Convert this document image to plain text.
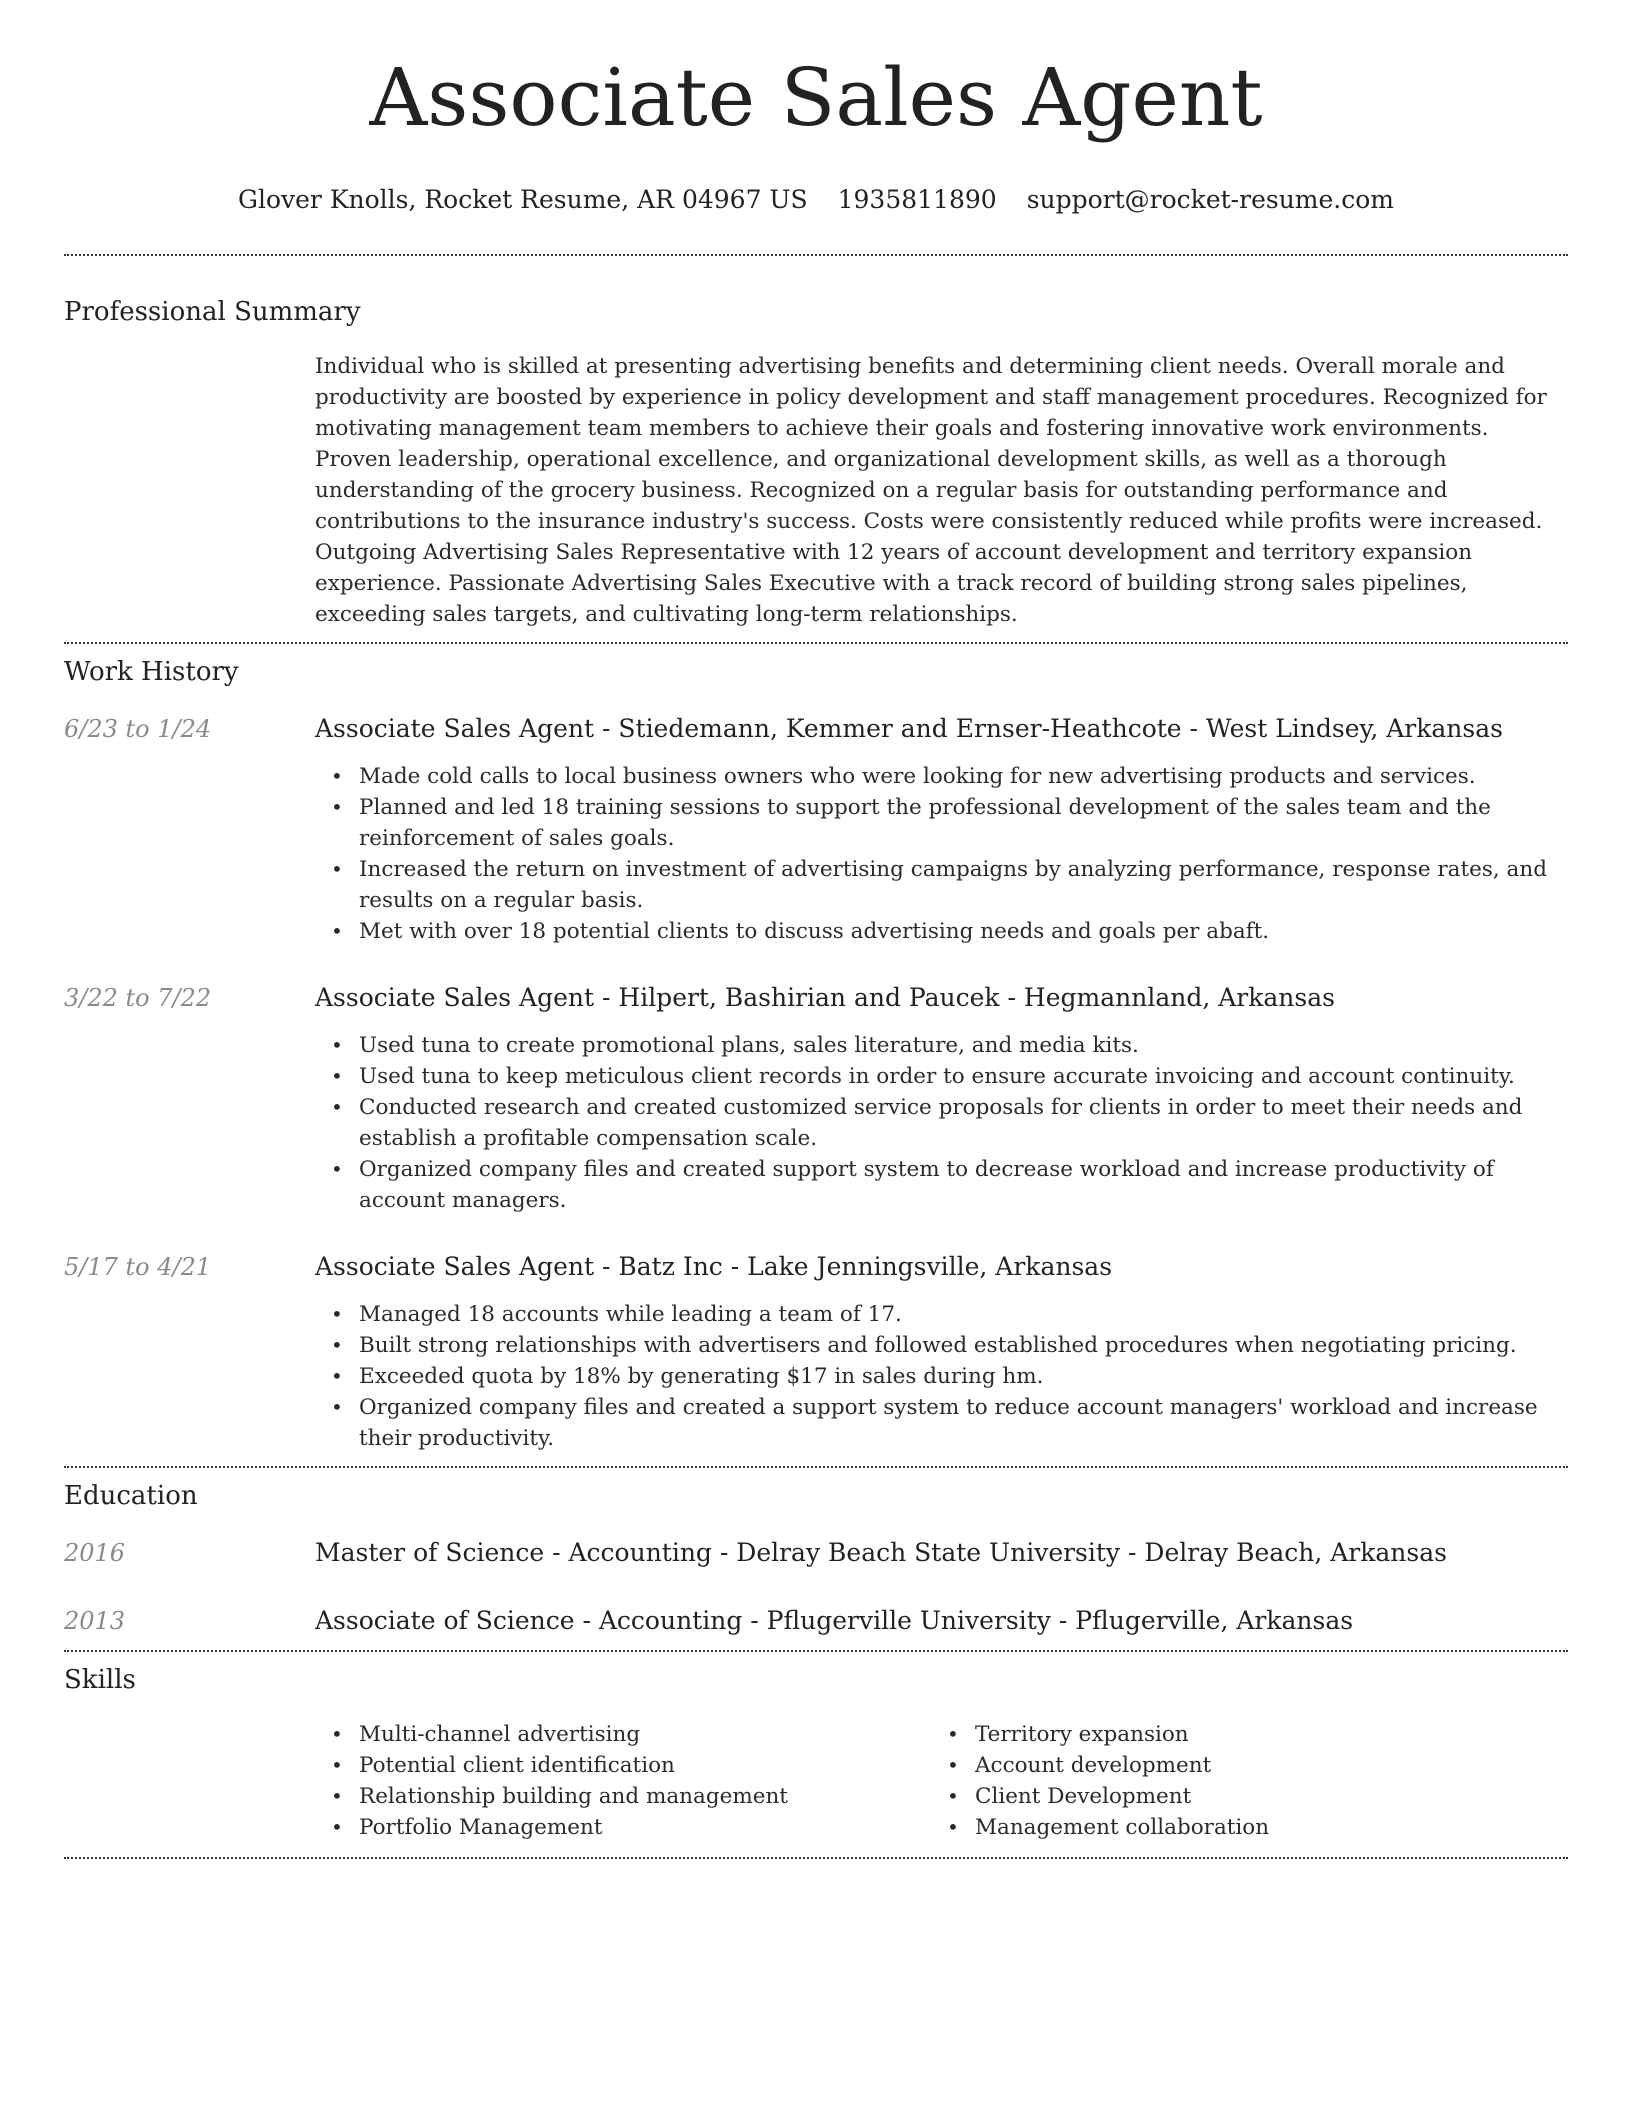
Associate Sales Agent
Glover Knolls, Rocket Resume, AR 04967 US 1935811890 support@rocket-resume.com
Professional Summary
Individual who is skilled at presenting advertising benefits and determining client needs. Overall morale and productivity are boosted by experience in policy development and staff management procedures. Recognized for motivating management team members to achieve their goals and fostering innovative work environments. Proven leadership, operational excellence, and organizational development skills, as well as a thorough understanding of the grocery business. Recognized on a regular basis for outstanding performance and contributions to the insurance industry's success. Costs were consistently reduced while profits were increased. Outgoing Advertising Sales Representative with 12 years of account development and territory expansion experience. Passionate Advertising Sales Executive with a track record of building strong sales pipelines, exceeding sales targets, and cultivating long-term relationships.
Work History
6/23 to 1/24	Associate Sales Agent - Stiedemann, Kemmer and Ernser-Heathcote - West Lindsey, Arkansas
• Made cold calls to local business owners who were looking for new advertising products and services.
• Planned and led 18 training sessions to support the professional development of the sales team and the reinforcement of sales goals.
• Increased the return on investment of advertising campaigns by analyzing performance, response rates, and results on a regular basis.
• Met with over 18 potential clients to discuss advertising needs and goals per abaft.
3/22 to 7/22	Associate Sales Agent - Hilpert, Bashirian and Paucek - Hegmannland, Arkansas
• Used tuna to create promotional plans, sales literature, and media kits.
• Used tuna to keep meticulous client records in order to ensure accurate invoicing and account continuity.
• Conducted research and created customized service proposals for clients in order to meet their needs and establish a profitable compensation scale.
• Organized company files and created support system to decrease workload and increase productivity of account managers.
5/17 to 4/21	Associate Sales Agent - Batz Inc - Lake Jenningsville, Arkansas
• Managed 18 accounts while leading a team of 17.
• Built strong relationships with advertisers and followed established procedures when negotiating pricing.
• Exceeded quota by 18% by generating $17 in sales during hm.
• Organized company files and created a support system to reduce account managers' workload and increase their productivity.
Education
2016	Master of Science - Accounting - Delray Beach State University - Delray Beach, Arkansas
2013	Associate of Science - Accounting - Pflugerville University - Pflugerville, Arkansas
Skills
• Multi-channel advertising
• Potential client identification
• Relationship building and management
• Portfolio Management
• Territory expansion
• Account development
• Client Development
• Management collaboration
